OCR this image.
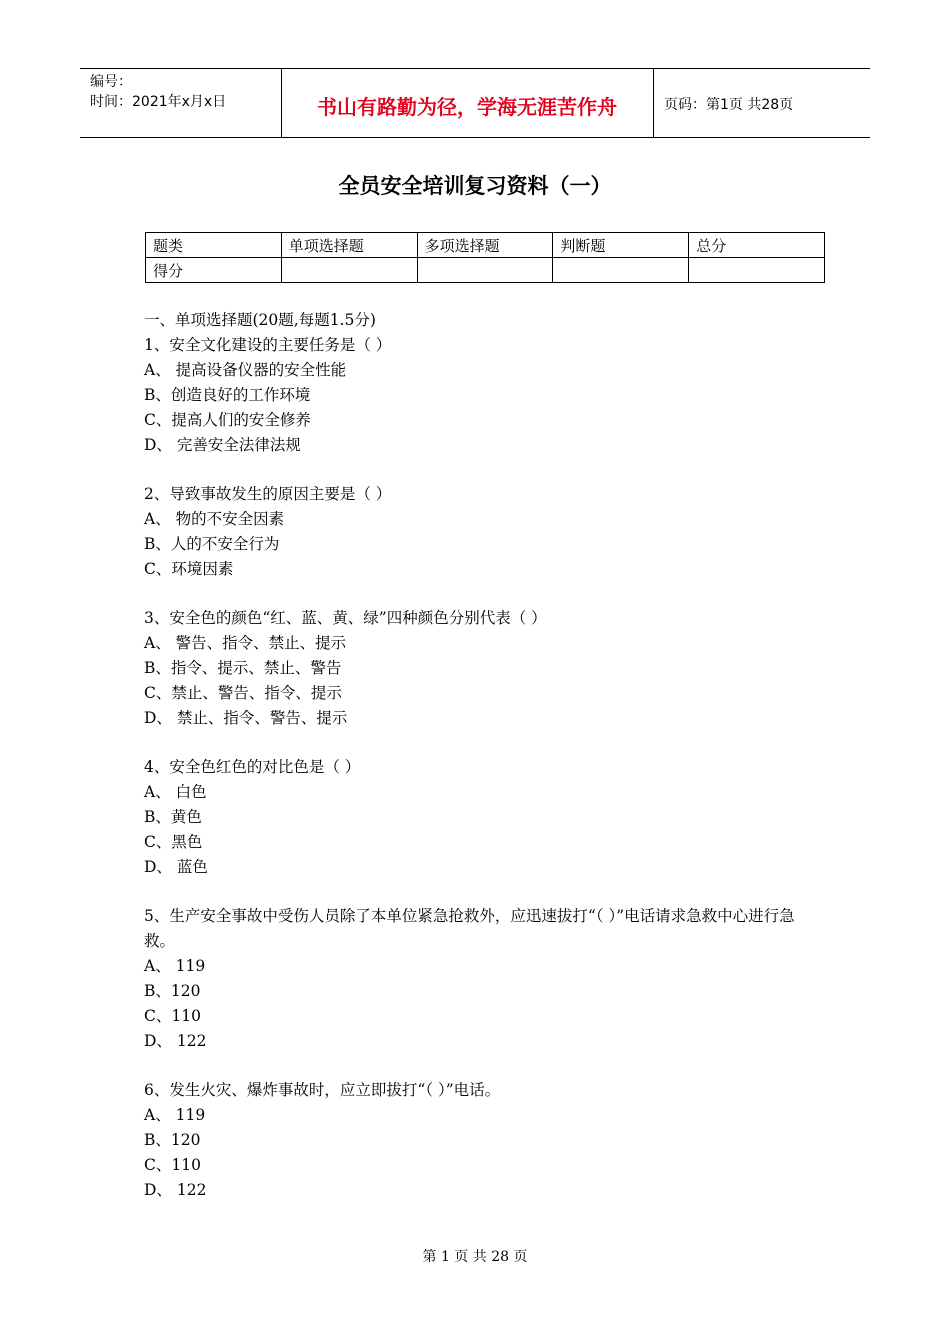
编号：
时间：2021年x月x日	书山有路勤为径，学海无涯苦作舟	页码：第1页 共28页
全员安全培训复习资料（一）
题类	单项选择题	多项选择题	判断题	总分
得分				
一、单项选择题(20题,每题1.5分)
1、安全文化建设的主要任务是（ ）
A、 提高设备仪器的安全性能
B、创造良好的工作环境
C、提高人们的安全修养
D、 完善安全法律法规
2、导致事故发生的原因主要是（ ）
A、 物的不安全因素
B、人的不安全行为
C、环境因素
3、安全色的颜色“红、蓝、黄、绿”四种颜色分别代表（ ）
A、 警告、指令、禁止、提示
B、指令、提示、禁止、警告
C、禁止、警告、指令、提示
D、 禁止、指令、警告、提示
4、安全色红色的对比色是（ ）
A、 白色
B、黄色
C、黑色
D、 蓝色
5、生产安全事故中受伤人员除了本单位紧急抢救外，应迅速拔打“（ ）”电话请求急救中心进行急救。
A、 119
B、120
C、110
D、 122
6、发生火灾、爆炸事故时，应立即拔打“（ ）”电话。
A、 119
B、120
C、110
D、 122
第 1 页 共 28 页
